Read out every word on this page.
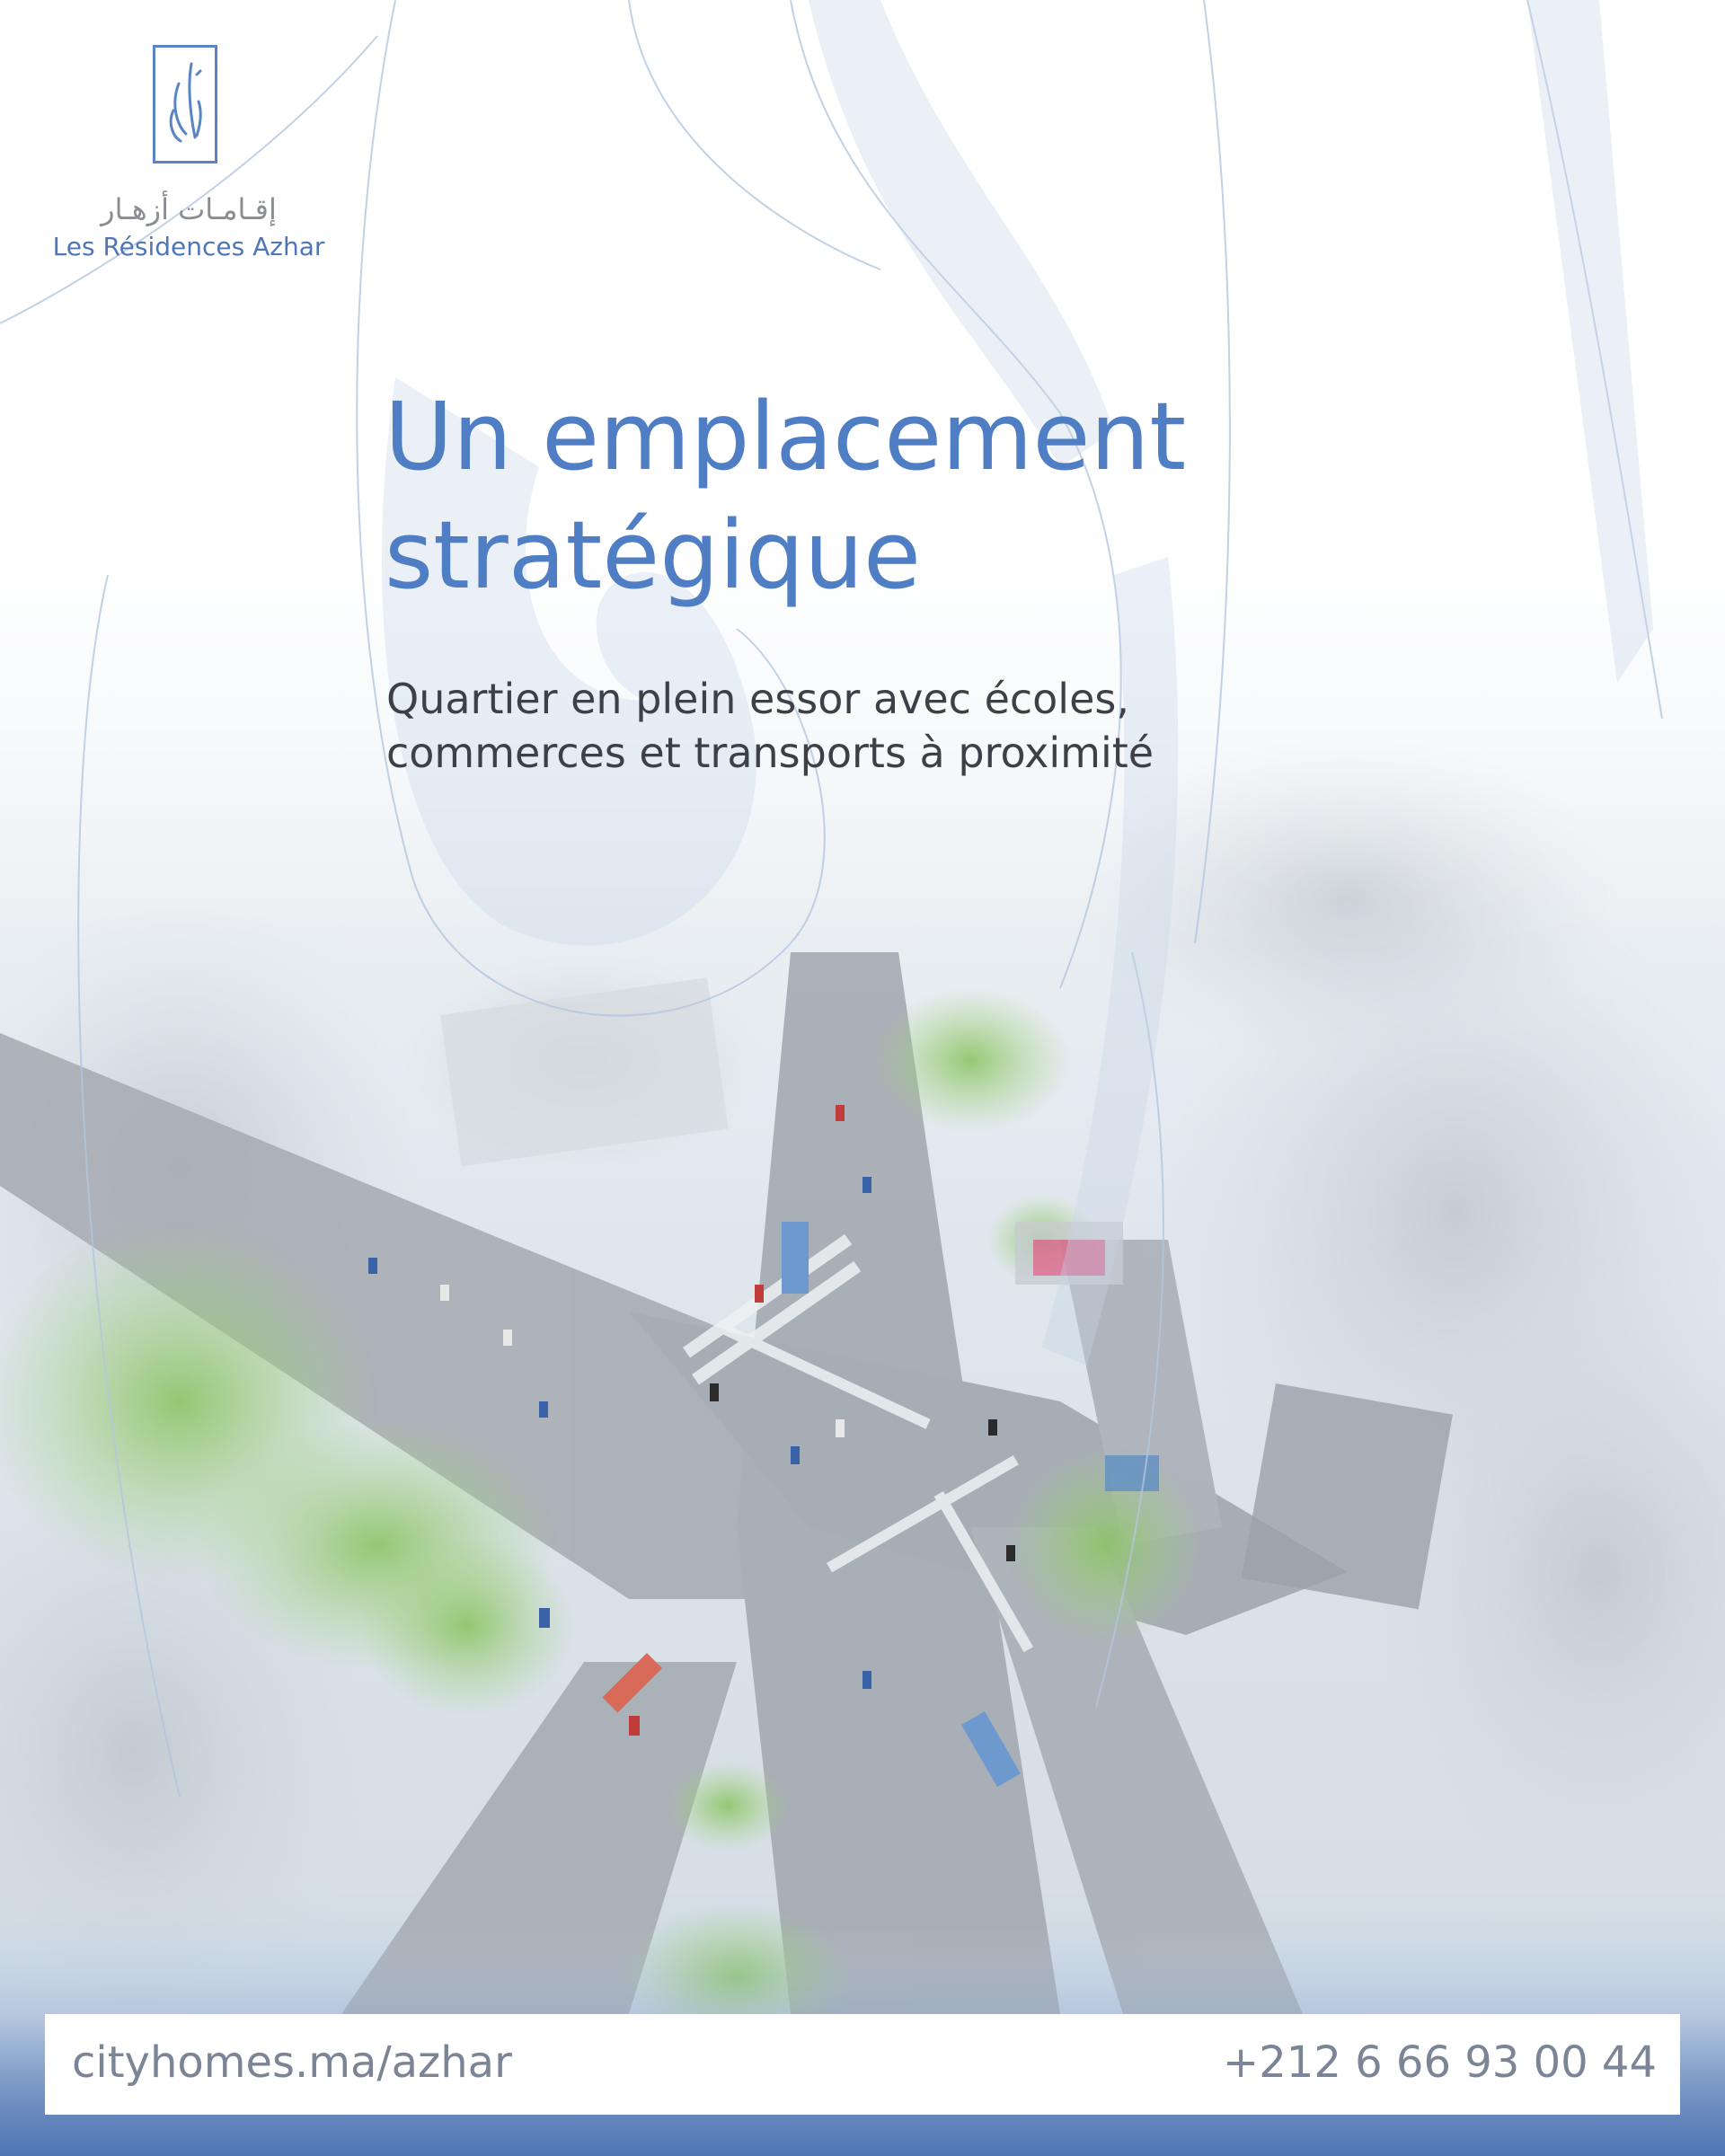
إقـامـات أزهـار
Les Résidences Azhar
Un emplacement
stratégique

Quartier en plein essor avec écoles,
commerces et transports à proximité

cityhomes.ma/azhar	+212 6 66 93 00 44
